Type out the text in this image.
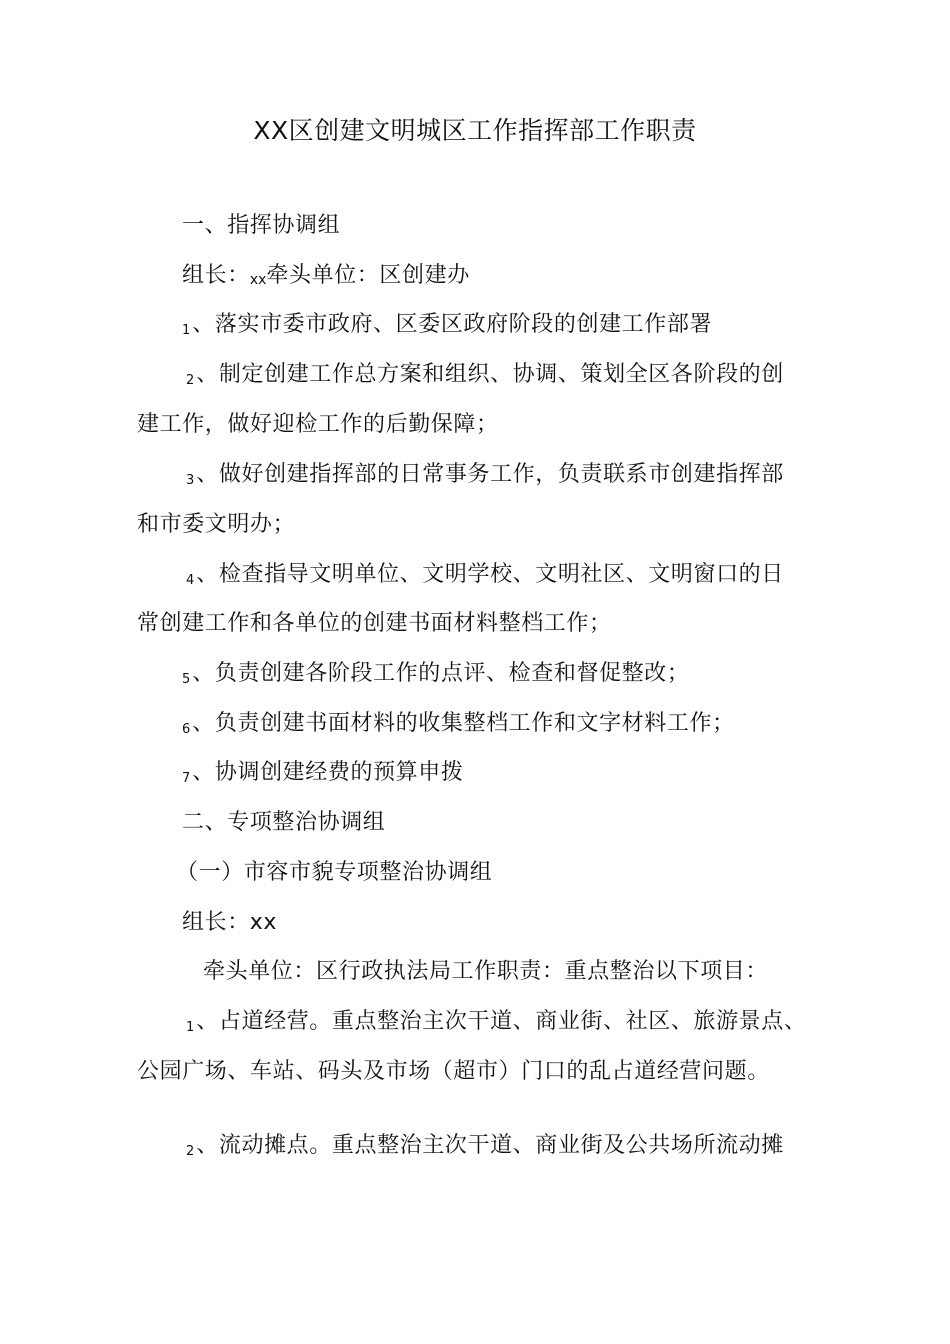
XX区创建文明城区工作指挥部工作职责
一、指挥协调组
组长：xx牵头单位：区创建办
1、落实市委市政府、区委区政府阶段的创建工作部署
2、制定创建工作总方案和组织、协调、策划全区各阶段的创
建工作，做好迎检工作的后勤保障；
3、做好创建指挥部的日常事务工作，负责联系市创建指挥部
和市委文明办；
4、检查指导文明单位、文明学校、文明社区、文明窗口的日
常创建工作和各单位的创建书面材料整档工作；
5、负责创建各阶段工作的点评、检查和督促整改；
6、负责创建书面材料的收集整档工作和文字材料工作；
7、协调创建经费的预算申拨
二、专项整治协调组
（一）市容市貌专项整治协调组
组长：xx
牵头单位：区行政执法局工作职责：重点整治以下项目：
1、占道经营。重点整治主次干道、商业街、社区、旅游景点、
公园广场、车站、码头及市场（超市）门口的乱占道经营问题。
2、流动摊点。重点整治主次干道、商业街及公共场所流动摊
